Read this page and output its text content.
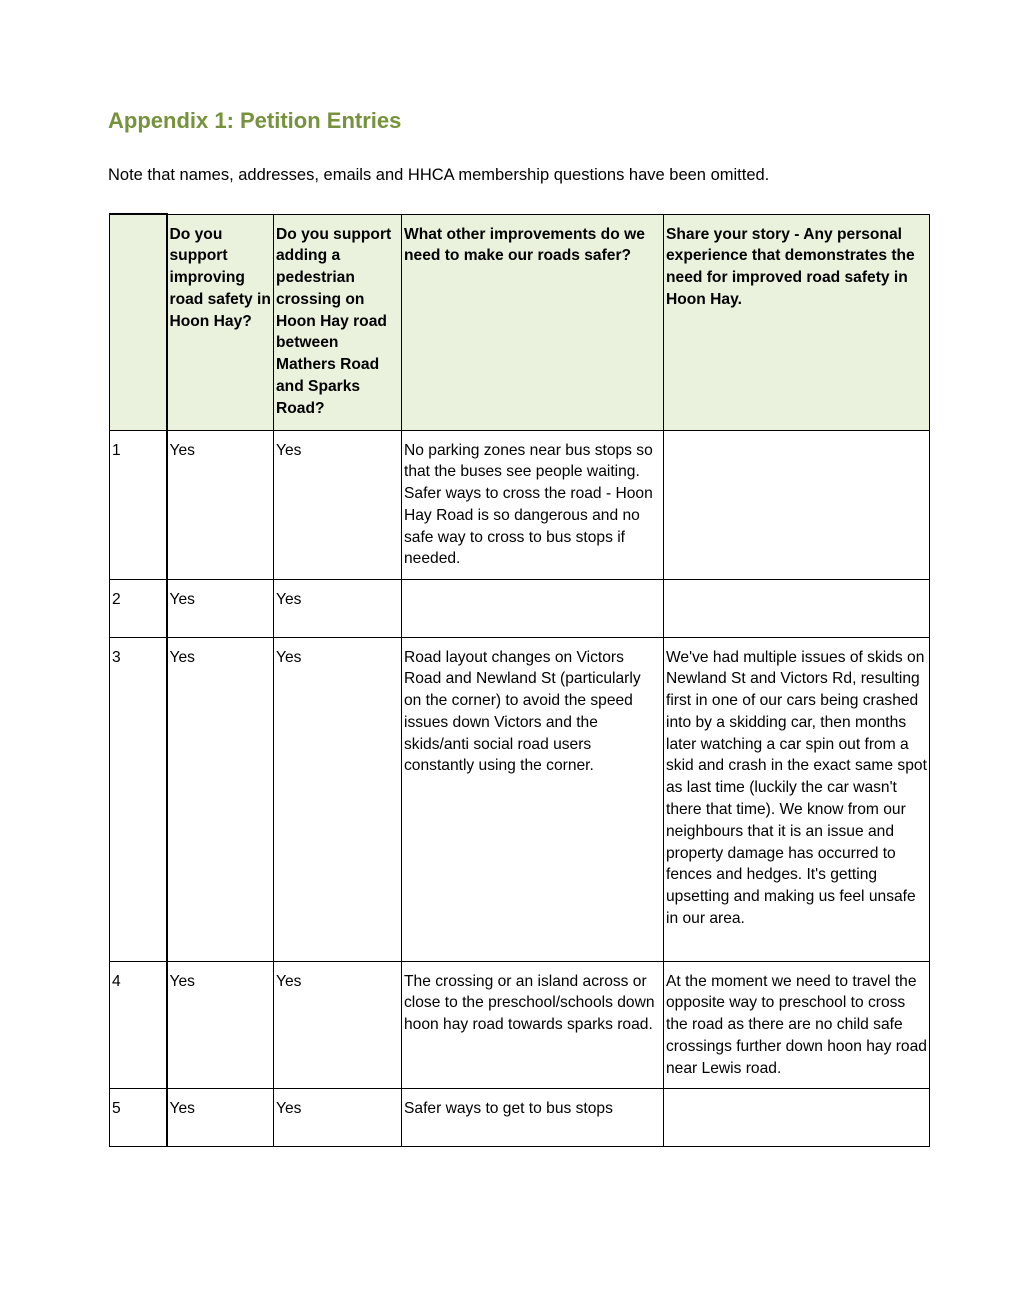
Appendix 1: Petition Entries

Note that names, addresses, emails and HHCA membership questions have been omitted.

	Do you support improving road safety in Hoon Hay?	Do you support adding a pedestrian crossing on Hoon Hay road between Mathers Road and Sparks Road?	What other improvements do we need to make our roads safer?	Share your story - Any personal experience that demonstrates the need for improved road safety in Hoon Hay.
1	Yes	Yes	No parking zones near bus stops so that the buses see people waiting. Safer ways to cross the road - Hoon Hay Road is so dangerous and no safe way to cross to bus stops if needed.	
2	Yes	Yes		
3	Yes	Yes	Road layout changes on Victors Road and Newland St (particularly on the corner) to avoid the speed issues down Victors and the skids/anti social road users constantly using the corner.	We've had multiple issues of skids on Newland St and Victors Rd, resulting first in one of our cars being crashed into by a skidding car, then months later watching a car spin out from a skid and crash in the exact same spot as last time (luckily the car wasn't there that time). We know from our neighbours that it is an issue and property damage has occurred to fences and hedges. It's getting upsetting and making us feel unsafe in our area.
4	Yes	Yes	The crossing or an island across or close to the preschool/schools down hoon hay road towards sparks road.	At the moment we need to travel the opposite way to preschool to cross the road as there are no child safe crossings further down hoon hay road near Lewis road.
5	Yes	Yes	Safer ways to get to bus stops	
